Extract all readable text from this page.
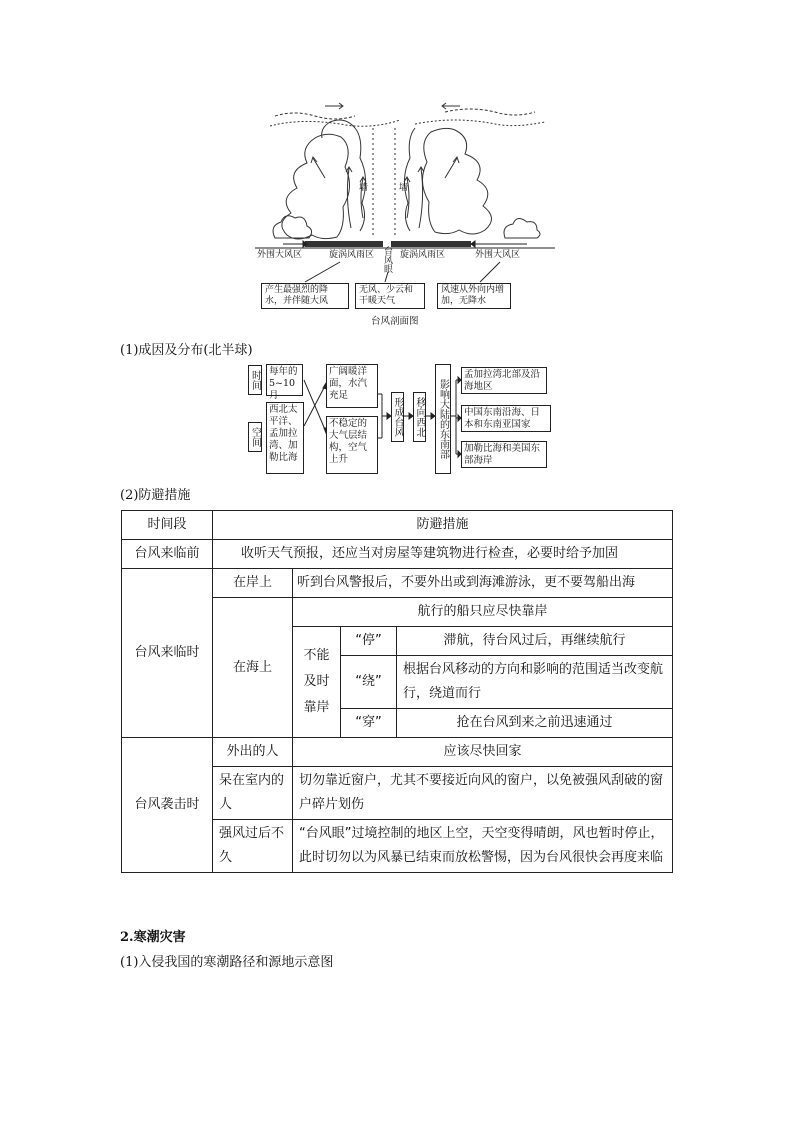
墙	墙
外围大风区	旋涡风雨区 台风眼
旋涡风雨区	外围大风区
产生最强烈的降水，并伴随大风
无风、少云和干暖天气
风速从外向内增加，无降水
台风剖面图
(1)成因及分布(北半球)
时间 每年的5~10月
空间
西北太平洋、孟加拉湾、加勒比海
广阔暖洋面，水汽充足
不稳定的大气层结构，空气上升
形成台风 移向西北 影响大陆的东南部
孟加拉湾北部及沿海地区
中国东南沿海、日本和东南亚国家
加勒比海和美国东部海岸
(2)防避措施
时间段	防避措施			
台风来临前	收听天气预报，还应当对房屋等建筑物进行检查，必要时给予加固			
台风来临时	在岸上	听到台风警报后，不要外出或到海滩游泳，更不要驾船出海		
	在海上	航行的船只应尽快靠岸		
		不能及时靠岸	“停”	滞航，待台风过后，再继续航行
			“绕”	根据台风移动的方向和影响的范围适当改变航行，绕道而行
			“穿”	抢在台风到来之前迅速通过
台风袭击时	外出的人	应该尽快回家		
	呆在室内的人	切勿靠近窗户，尤其不要接近向风的窗户，以免被强风刮破的窗户碎片划伤		
	强风过后不久	“台风眼”过境控制的地区上空，天空变得晴朗，风也暂时停止，此时切勿以为风暴已结束而放松警惕，因为台风很快会再度来临		
2.寒潮灾害
(1)入侵我国的寒潮路径和源地示意图
